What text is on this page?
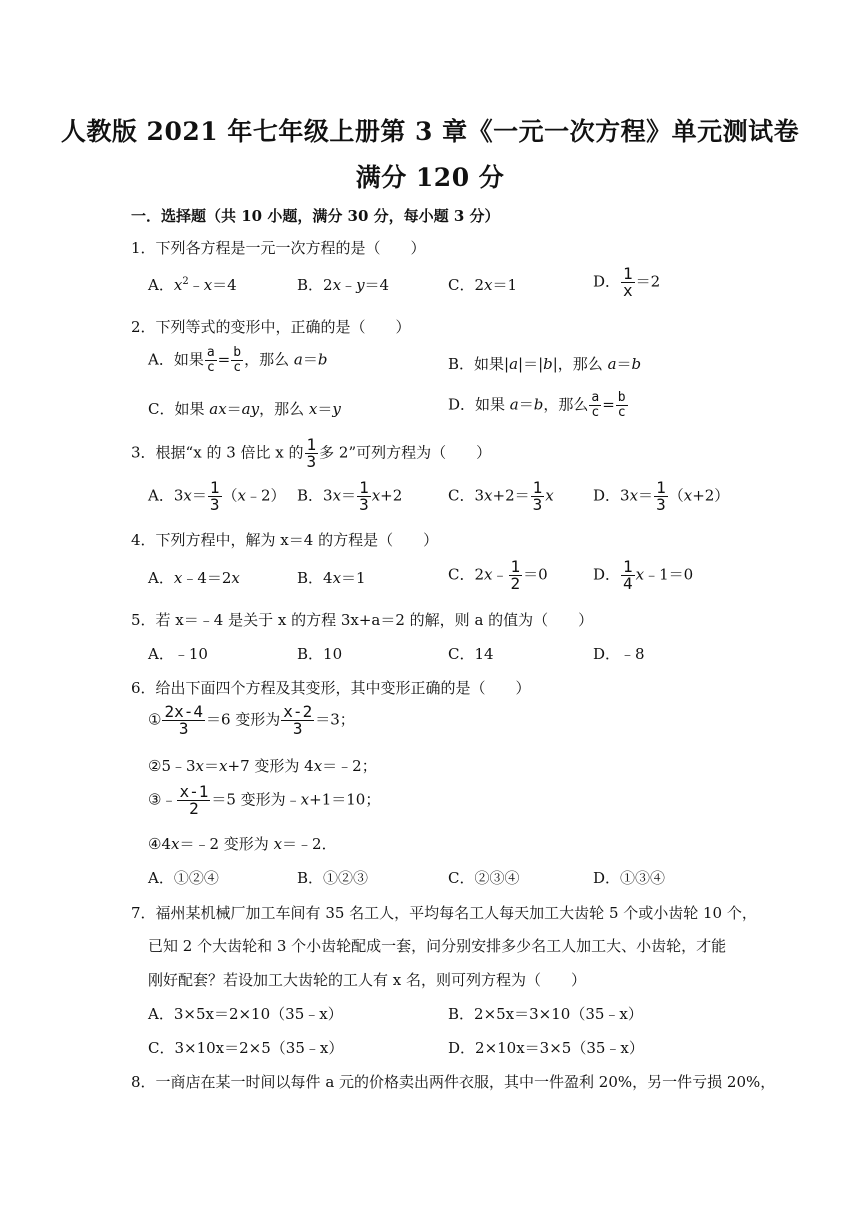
人教版 2021 年七年级上册第 3 章《一元一次方程》单元测试卷
满分 120 分
一．选择题（共 10 小题，满分 30 分，每小题 3 分）
1．下列各方程是一元一次方程的是（　　）
A．$x^2﹣x=4$	B．2x﹣y＝4	C．2x＝1	D． $\frac{1}{x} =2$
2．下列等式的变形中，正确的是（　　）
A．如果 $\frac{a}{c} = \frac{b}{c}$ ，那么 a＝b	B．如果|a|＝|b|，那么 a＝b
C．如果 ax＝ay，那么 x＝y	D．如果 a＝b，那么 $\frac{a}{c} = \frac{b}{c}$
3．根据“x 的 3 倍比 x 的 $\frac{1}{3}$ 多 2”可列方程为（　　）
A．$3x= \frac{1}{3}$ （x﹣2） B．$3x= \frac{1}{3} x+2$	C．$3x+2= \frac{1}{3}$ x	D．$3x= \frac{1}{3} (x+2)$
4．下列方程中，解为 x＝4 的方程是（　　）
A．x﹣4＝2x	B．4x＝1	C．2x﹣ $\frac{1}{2} =0$	D． $\frac{1}{4}$ x﹣1＝0
5．若 x＝﹣4 是关于 x 的方程 3x+a＝2 的解，则 a 的值为（　　）
A．﹣10	B．10	C．14	D．﹣8
6．给出下面四个方程及其变形，其中变形正确的是（　　）
① $\frac{2x-4}{3} =6$ 变形为 $\frac{x-2}{3} =3$；
②5﹣3x＝x+7 变形为 4x＝﹣2；
③﹣ $\frac{x-1}{2} =5$ 变形为﹣x+1＝10；
④4x＝﹣2 变形为 x＝﹣2．
A．①②④	B．①②③	C．②③④	D．①③④
7．福州某机械厂加工车间有 35 名工人，平均每名工人每天加工大齿轮 5 个或小齿轮 10 个，
已知 2 个大齿轮和 3 个小齿轮配成一套，问分别安排多少名工人加工大、小齿轮，才能
刚好配套？若设加工大齿轮的工人有 x 名，则可列方程为（　　）
A．3×5x＝2×10（35﹣x）	B．2×5x＝3×10（35﹣x）
C．3×10x＝2×5（35﹣x）	D．2×10x＝3×5（35﹣x）
8．一商店在某一时间以每件 a 元的价格卖出两件衣服，其中一件盈利 20%，另一件亏损 20%，
